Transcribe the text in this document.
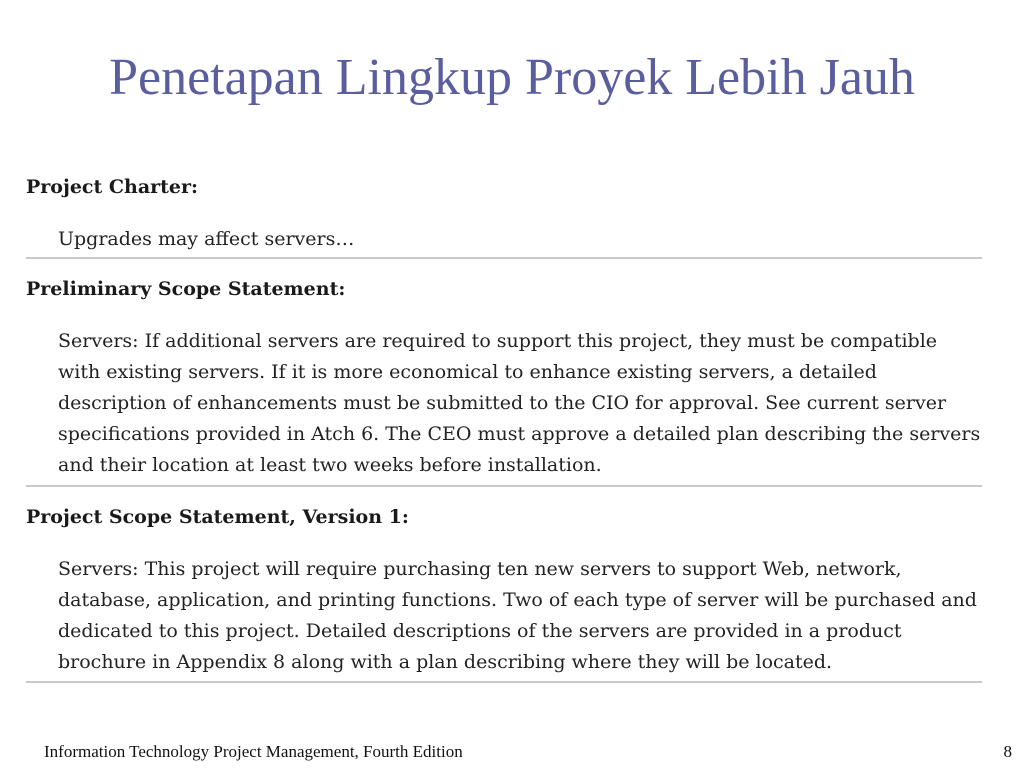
Penetapan Lingkup Proyek Lebih Jauh

Project Charter:

Upgrades may affect servers…

Preliminary Scope Statement:

Servers: If additional servers are required to support this project, they must be compatible with existing servers. If it is more economical to enhance existing servers, a detailed description of enhancements must be submitted to the CIO for approval. See current server specifications provided in Atch 6. The CEO must approve a detailed plan describing the servers and their location at least two weeks before installation.

Project Scope Statement, Version 1:

Servers: This project will require purchasing ten new servers to support Web, network, database, application, and printing functions. Two of each type of server will be purchased and dedicated to this project. Detailed descriptions of the servers are provided in a product brochure in Appendix 8 along with a plan describing where they will be located.

Information Technology Project Management, Fourth Edition	8
